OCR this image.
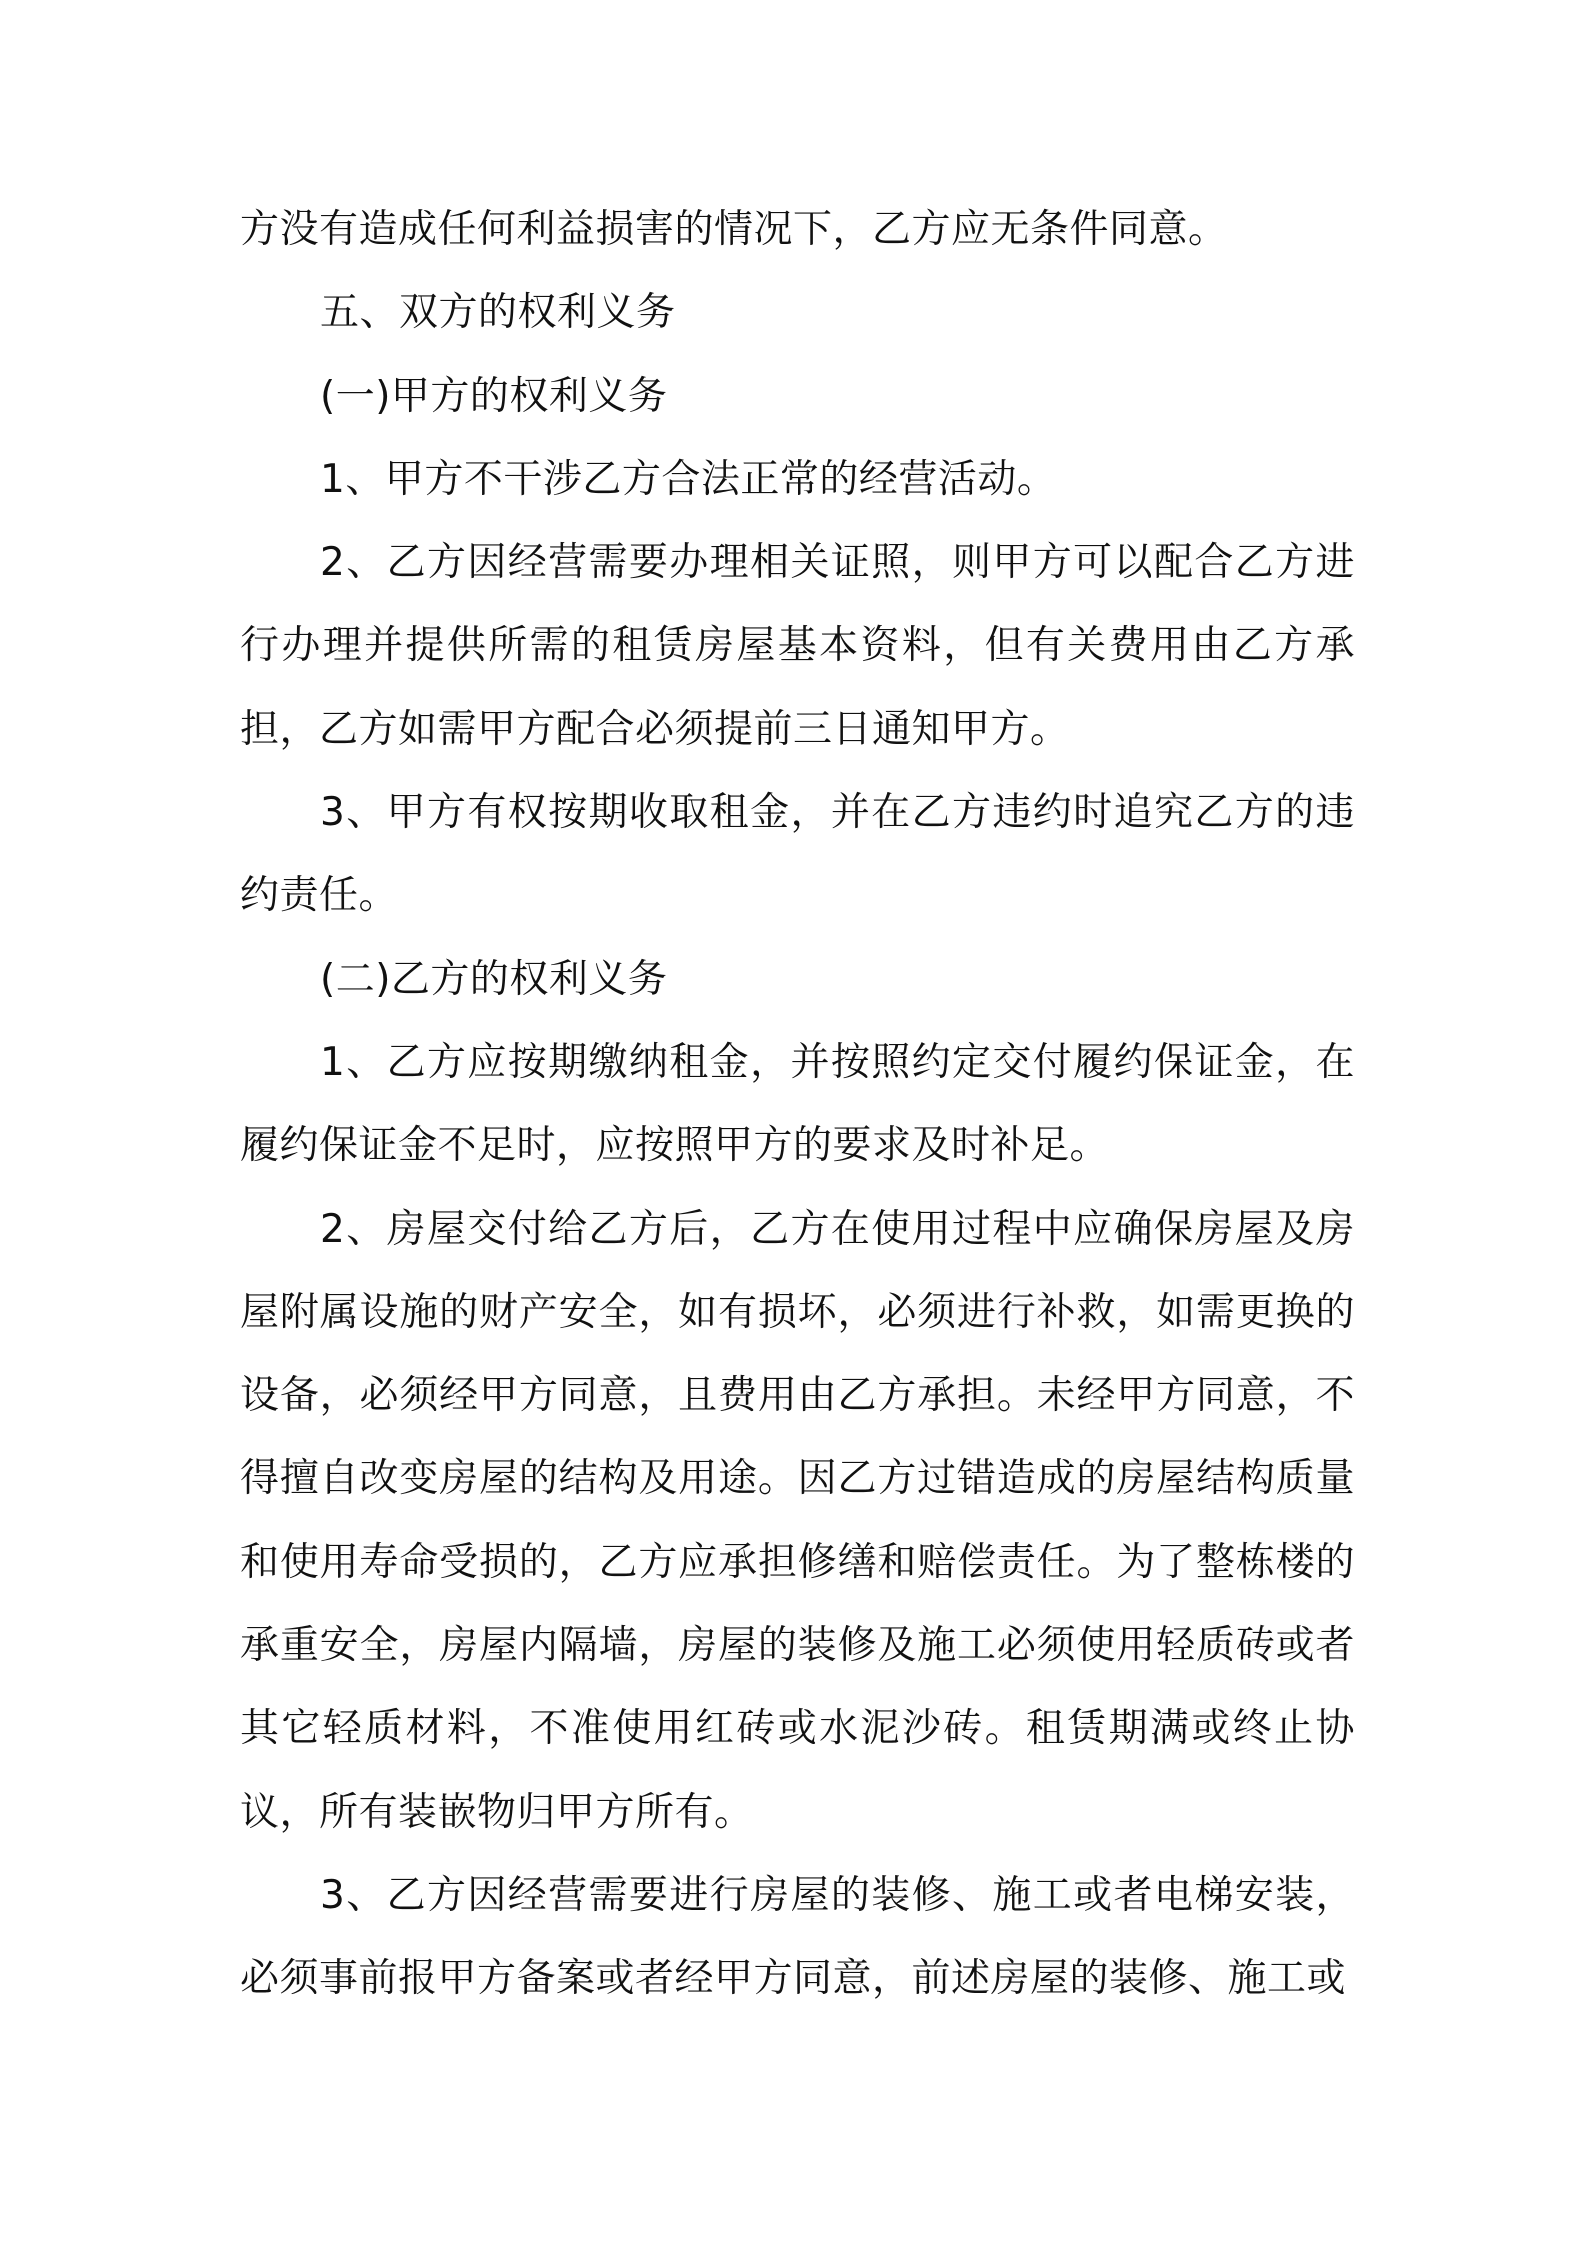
方没有造成任何利益损害的情况下，乙方应无条件同意。

五、双方的权利义务

(一)甲方的权利义务

1、甲方不干涉乙方合法正常的经营活动。

2、乙方因经营需要办理相关证照，则甲方可以配合乙方进行办理并提供所需的租赁房屋基本资料，但有关费用由乙方承担，乙方如需甲方配合必须提前三日通知甲方。

3、甲方有权按期收取租金，并在乙方违约时追究乙方的违约责任。

(二)乙方的权利义务

1、乙方应按期缴纳租金，并按照约定交付履约保证金，在履约保证金不足时，应按照甲方的要求及时补足。

2、房屋交付给乙方后，乙方在使用过程中应确保房屋及房屋附属设施的财产安全，如有损坏，必须进行补救，如需更换的设备，必须经甲方同意，且费用由乙方承担。未经甲方同意，不得擅自改变房屋的结构及用途。因乙方过错造成的房屋结构质量和使用寿命受损的，乙方应承担修缮和赔偿责任。为了整栋楼的承重安全，房屋内隔墙，房屋的装修及施工必须使用轻质砖或者其它轻质材料，不准使用红砖或水泥沙砖。租赁期满或终止协议，所有装嵌物归甲方所有。

3、乙方因经营需要进行房屋的装修、施工或者电梯安装，必须事前报甲方备案或者经甲方同意，前述房屋的装修、施工或
